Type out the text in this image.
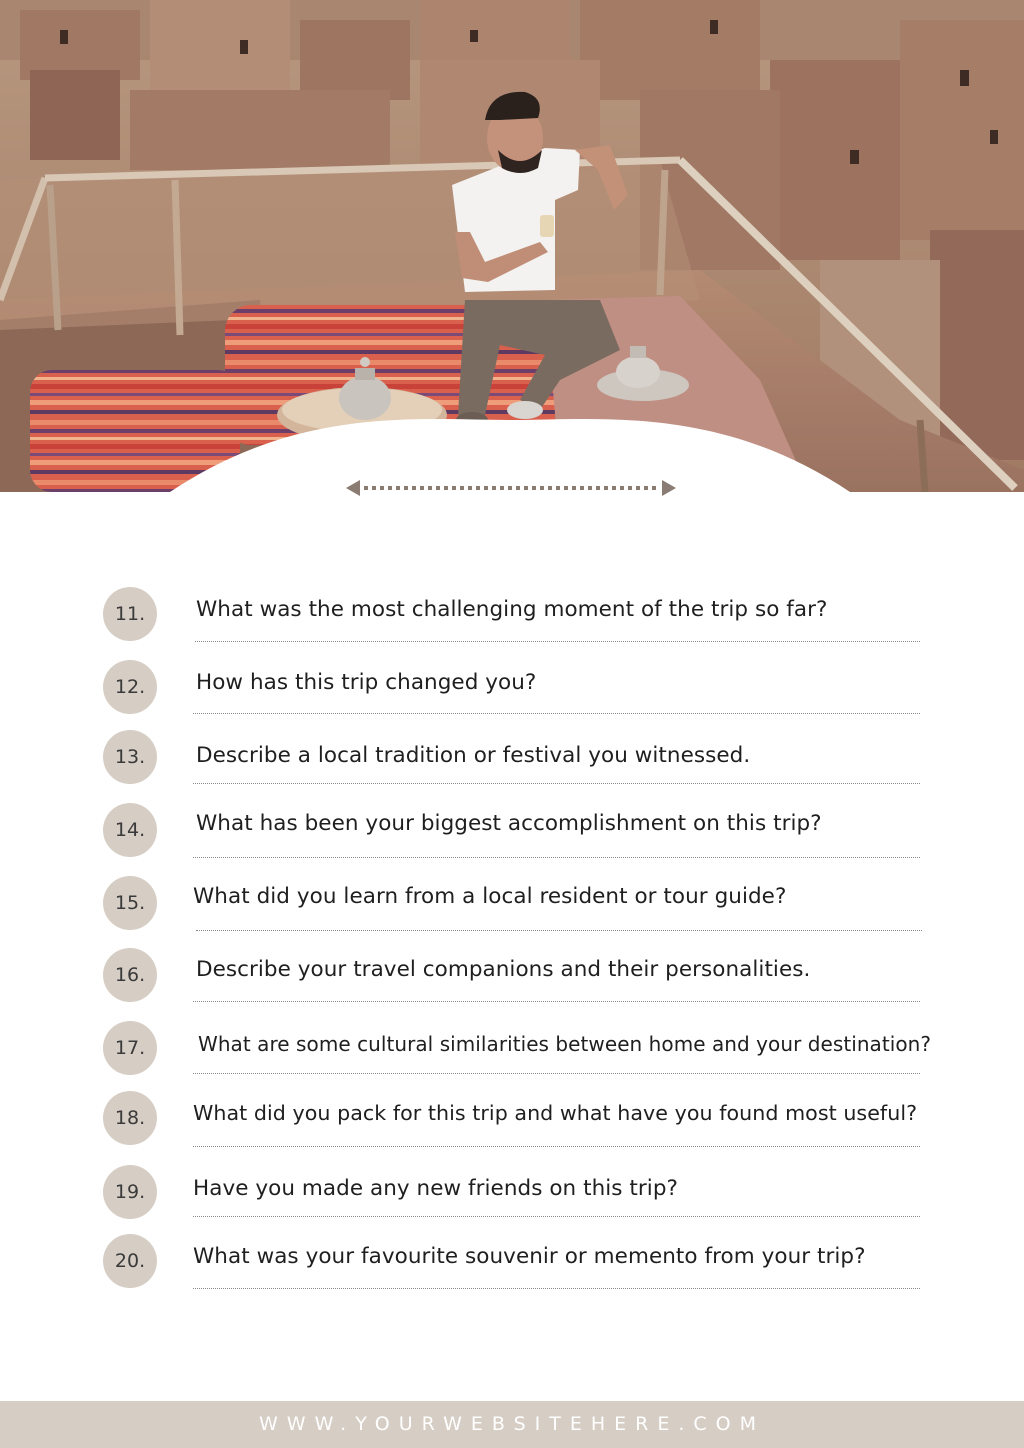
11.	What was the most challenging moment of the trip so far?
12.	How has this trip changed you?
13.	Describe a local tradition or festival you witnessed.
14.	What has been your biggest accomplishment on this trip?
15.	What did you learn from a local resident or tour guide?
16.	Describe your travel companions and their personalities.
17.	What are some cultural similarities between home and your destination?
18.	What did you pack for this trip and what have you found most useful?
19.	Have you made any new friends on this trip?
20.	What was your favourite souvenir or memento from your trip?
WWW.YOURWEBSITEHERE.COM
